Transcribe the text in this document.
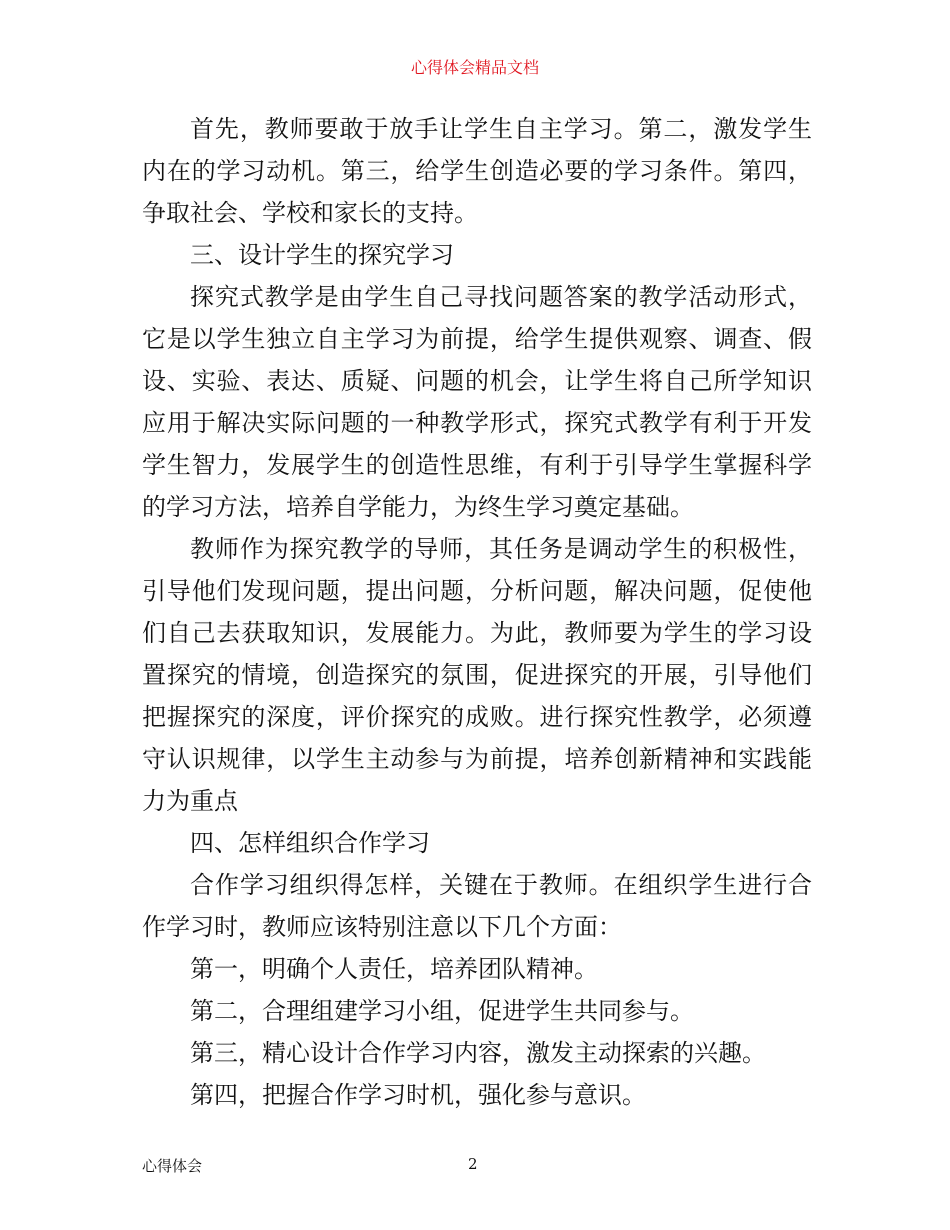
心得体会精品文档

首先，教师要敢于放手让学生自主学习。第二，激发学生内在的学习动机。第三，给学生创造必要的学习条件。第四，争取社会、学校和家长的支持。

三、设计学生的探究学习

探究式教学是由学生自己寻找问题答案的教学活动形式，它是以学生独立自主学习为前提，给学生提供观察、调查、假设、实验、表达、质疑、问题的机会，让学生将自己所学知识应用于解决实际问题的一种教学形式，探究式教学有利于开发学生智力，发展学生的创造性思维，有利于引导学生掌握科学的学习方法，培养自学能力，为终生学习奠定基础。

教师作为探究教学的导师，其任务是调动学生的积极性，引导他们发现问题，提出问题，分析问题，解决问题，促使他们自己去获取知识，发展能力。为此，教师要为学生的学习设置探究的情境，创造探究的氛围，促进探究的开展，引导他们把握探究的深度，评价探究的成败。进行探究性教学，必须遵守认识规律，以学生主动参与为前提，培养创新精神和实践能力为重点

四、怎样组织合作学习

合作学习组织得怎样，关键在于教师。在组织学生进行合作学习时，教师应该特别注意以下几个方面：

第一，明确个人责任，培养团队精神。

第二，合理组建学习小组，促进学生共同参与。

第三，精心设计合作学习内容，激发主动探索的兴趣。

第四，把握合作学习时机，强化参与意识。

心得体会	2
